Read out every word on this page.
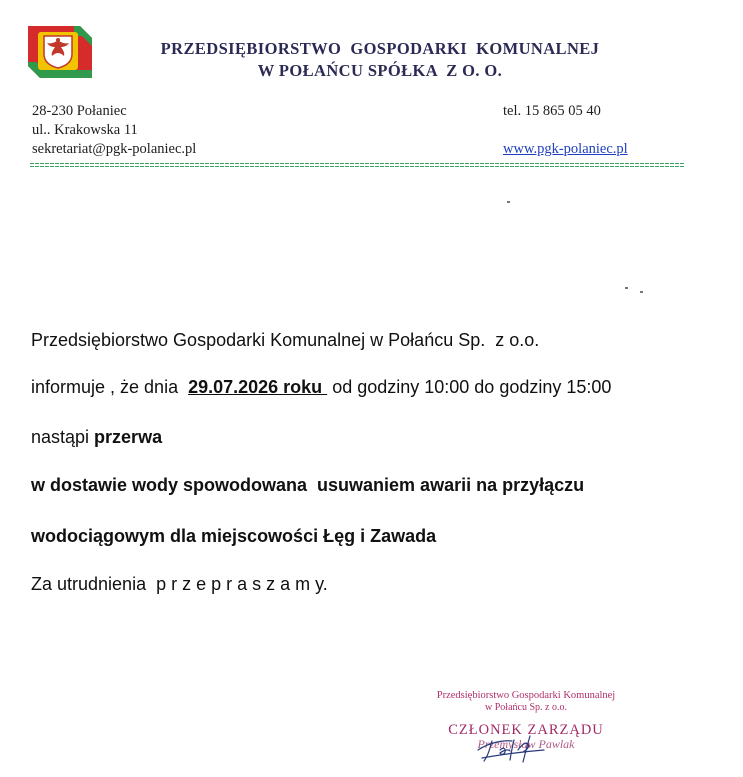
PRZEDSIĘBIORSTWO  GOSPODARKI  KOMUNALNEJ
W POŁAŃCU SPÓŁKA  Z O. O.
28-230 Połaniec
ul.. Krakowska 11
sekretariat@pgk-polaniec.pl
tel. 15 865 05 40
www.pgk-polaniec.pl
Przedsiębiorstwo Gospodarki Komunalnej w Połańcu Sp.  z o.o.
informuje , że dnia  29.07.2026 roku  od godziny 10:00 do godziny 15:00
nastąpi przerwa
w dostawie wody spowodowana  usuwaniem awarii na przyłączu
wodociągowym dla miejscowości Łęg i Zawada
Za utrudnienia  p r z e p r a s z a m y.
Przedsiębiorstwo Gospodarki Komunalnej
w Połańcu Sp. z o.o.
CZŁONEK ZARZĄDU
Przemysław Pawlak
